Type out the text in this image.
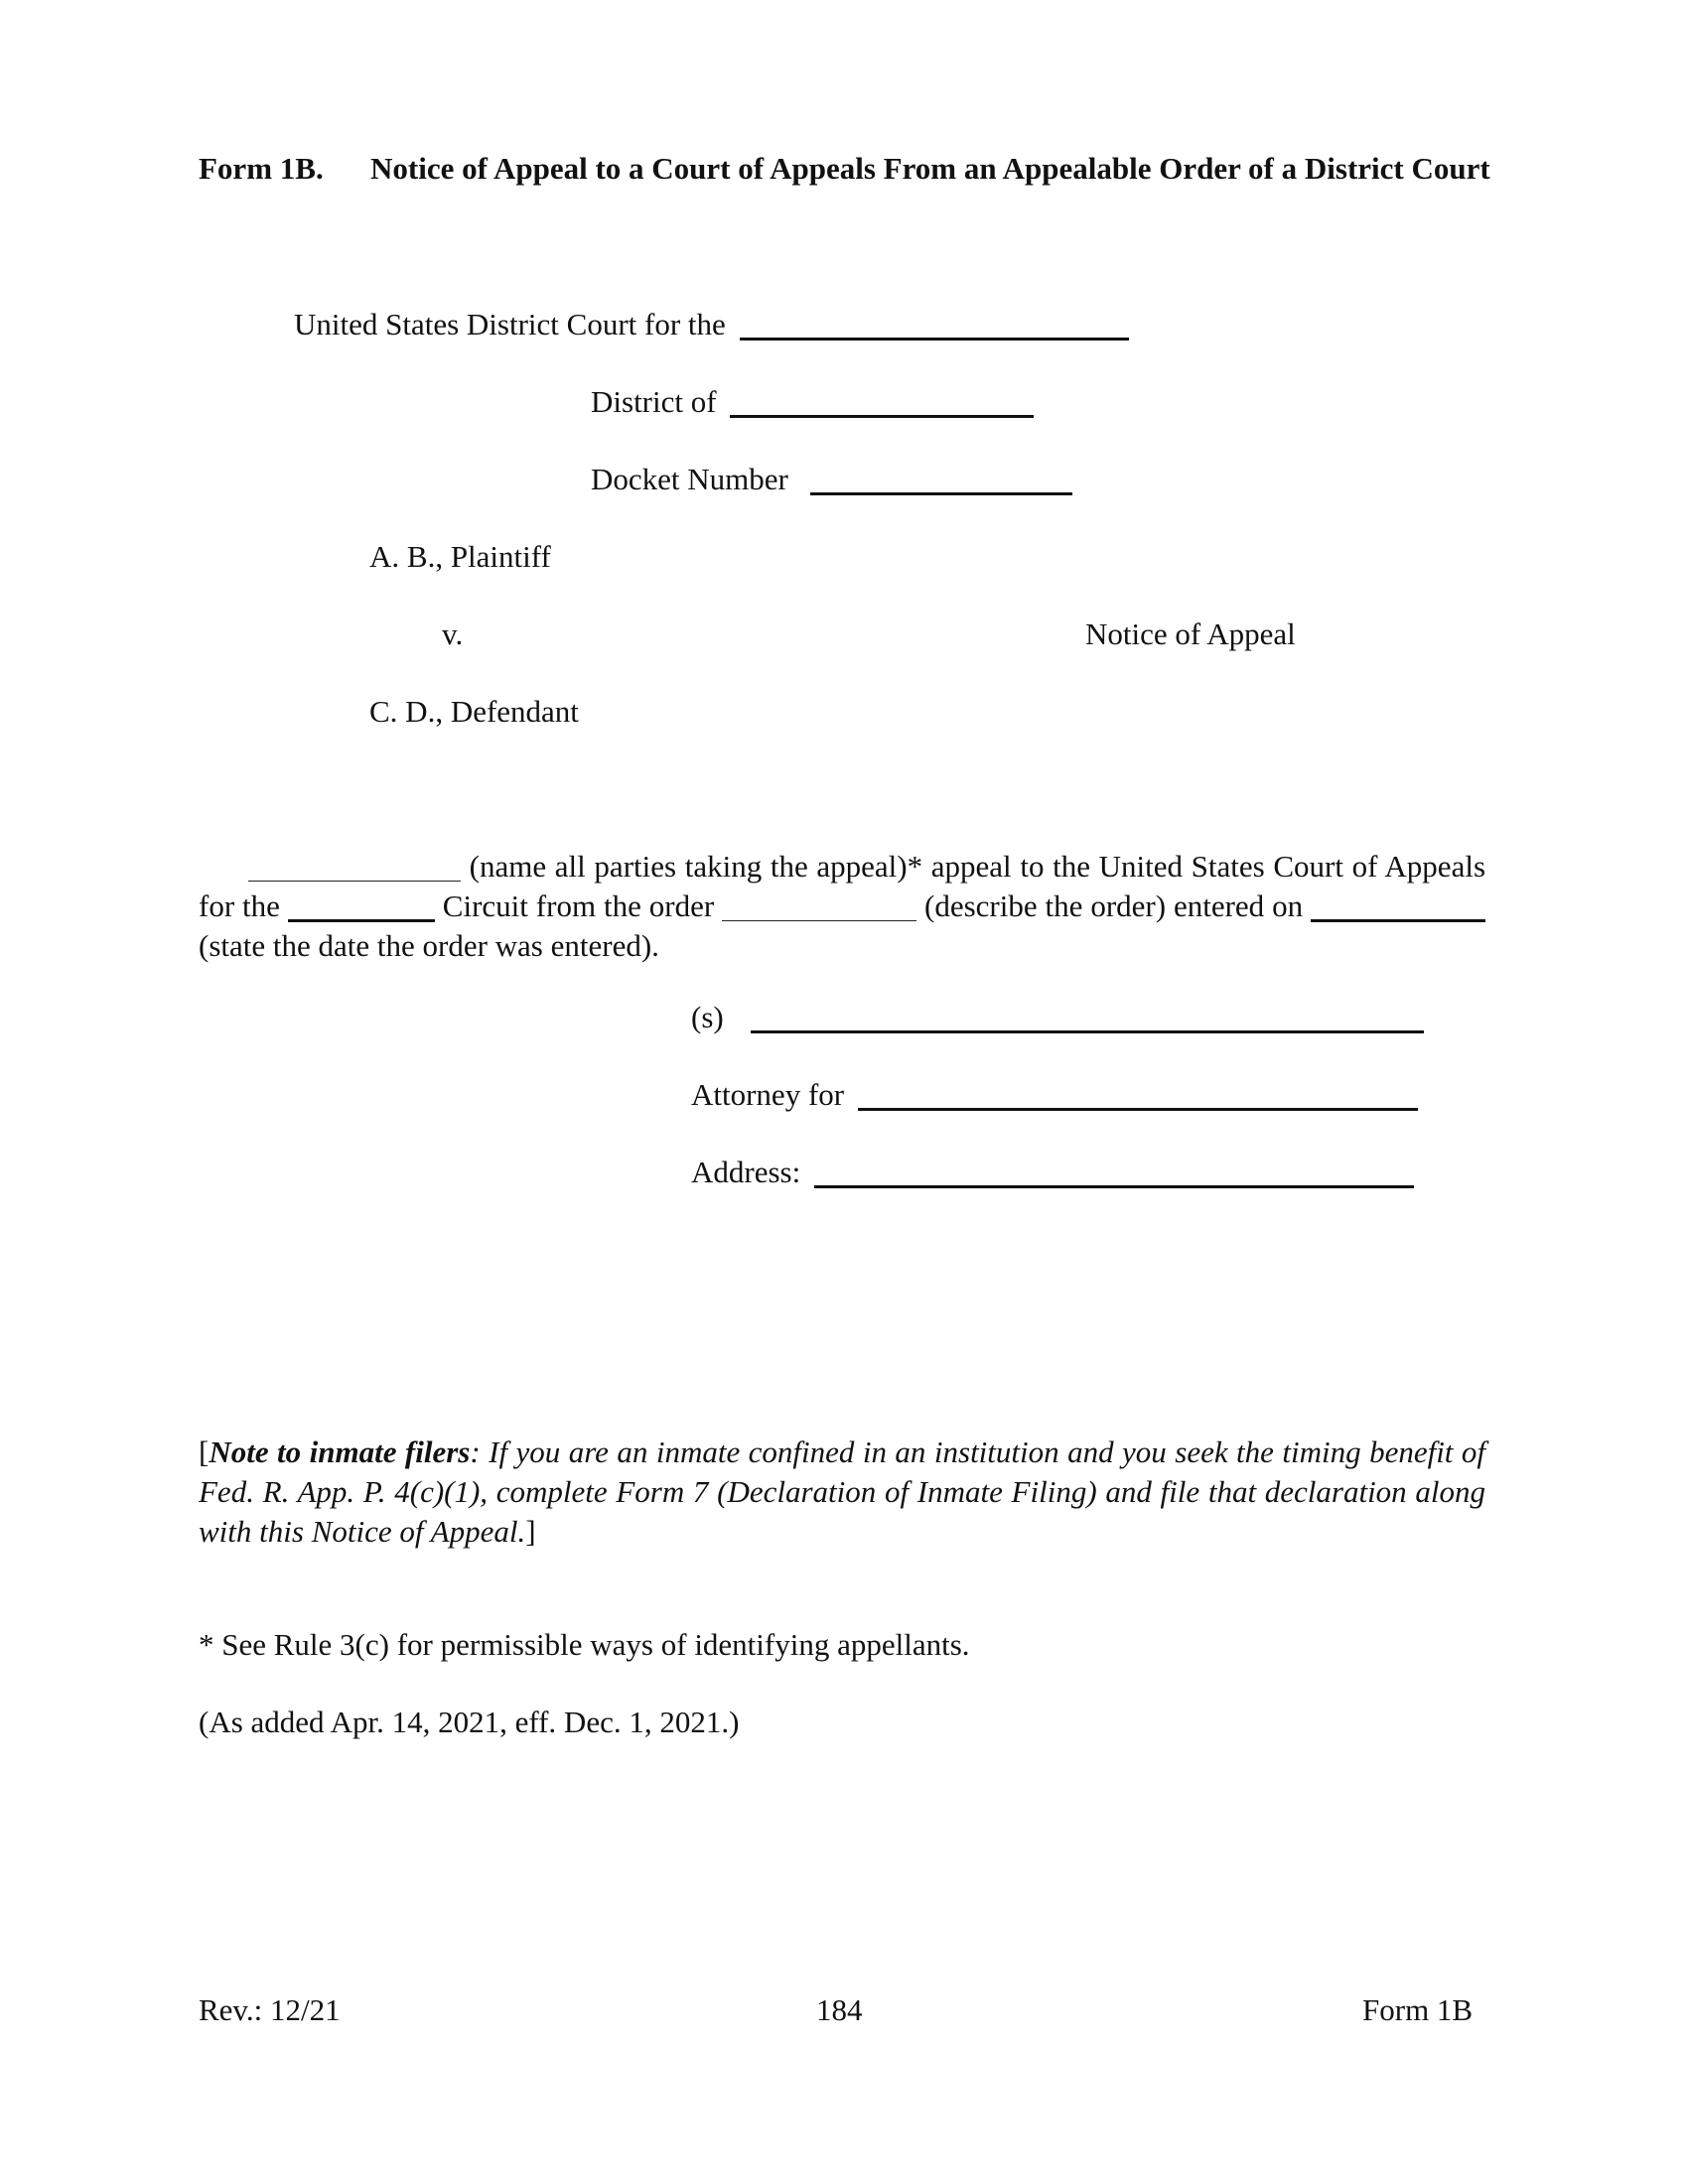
Form 1B. Notice of Appeal to a Court of Appeals From an Appealable Order of a District Court
United States District Court for the
District of
Docket Number
A. B., Plaintiff
v.	Notice of Appeal
C. D., Defendant
(name all parties taking the appeal)* appeal to the United States Court of Appeals for the	Circuit from the order	(describe the order) entered on  (state the date the order was entered).
(s)
Attorney for
Address:
[Note to inmate filers: If you are an inmate confined in an institution and you seek the timing benefit of Fed. R. App. P. 4(c)(1), complete Form 7 (Declaration of Inmate Filing) and file that declaration along with this Notice of Appeal.]
* See Rule 3(c) for permissible ways of identifying appellants.
(As added Apr. 14, 2021, eff. Dec. 1, 2021.)
Rev.: 12/21	184	Form 1B
